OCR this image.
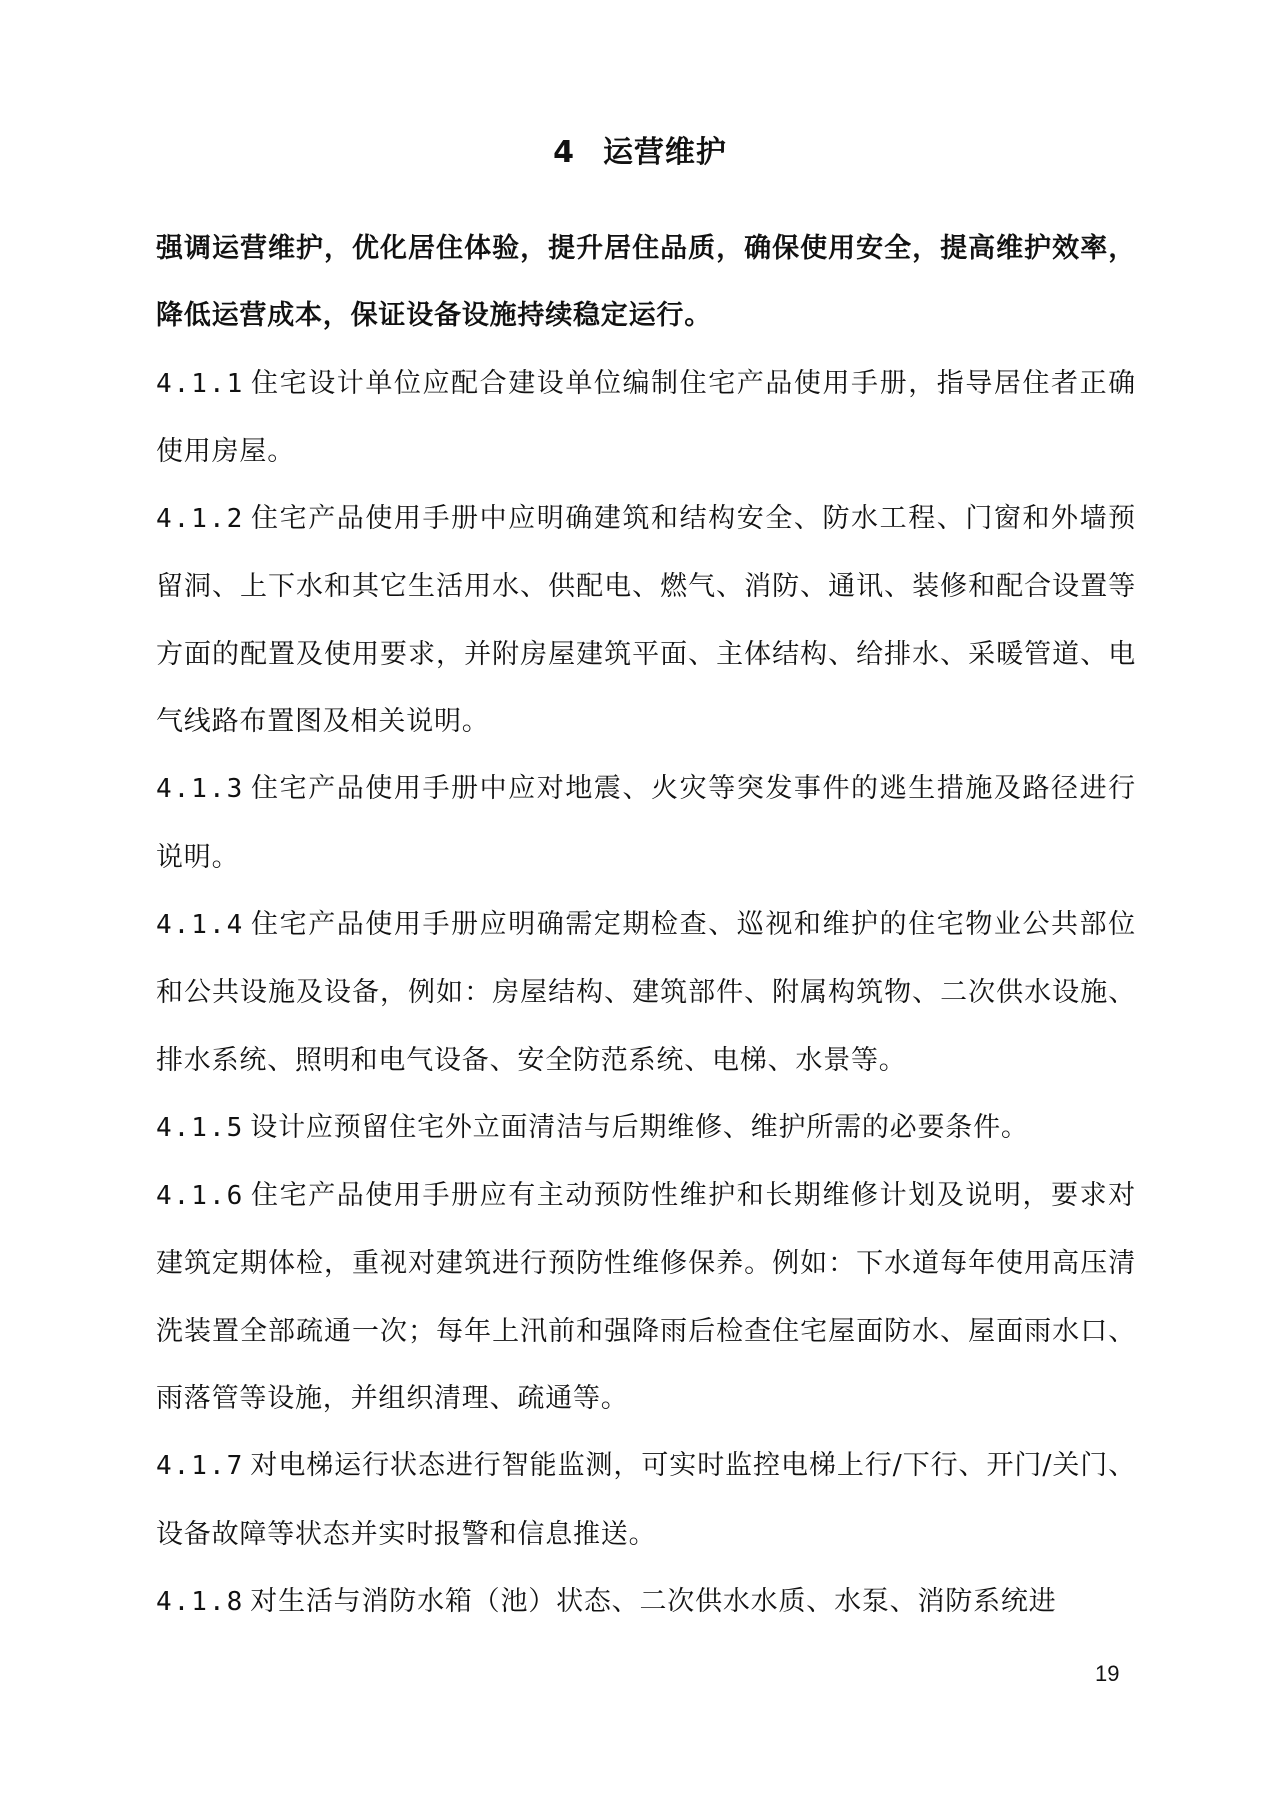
4 运营维护

强调运营维护，优化居住体验，提升居住品质，确保使用安全，提高维护效率，降低运营成本，保证设备设施持续稳定运行。

4.1.1 住宅设计单位应配合建设单位编制住宅产品使用手册，指导居住者正确使用房屋。

4.1.2 住宅产品使用手册中应明确建筑和结构安全、防水工程、门窗和外墙预留洞、上下水和其它生活用水、供配电、燃气、消防、通讯、装修和配合设置等方面的配置及使用要求，并附房屋建筑平面、主体结构、给排水、采暖管道、电气线路布置图及相关说明。

4.1.3 住宅产品使用手册中应对地震、火灾等突发事件的逃生措施及路径进行说明。

4.1.4 住宅产品使用手册应明确需定期检查、巡视和维护的住宅物业公共部位和公共设施及设备，例如：房屋结构、建筑部件、附属构筑物、二次供水设施、排水系统、照明和电气设备、安全防范系统、电梯、水景等。

4.1.5 设计应预留住宅外立面清洁与后期维修、维护所需的必要条件。

4.1.6 住宅产品使用手册应有主动预防性维护和长期维修计划及说明，要求对建筑定期体检，重视对建筑进行预防性维修保养。例如：下水道每年使用高压清洗装置全部疏通一次；每年上汛前和强降雨后检查住宅屋面防水、屋面雨水口、雨落管等设施，并组织清理、疏通等。

4.1.7 对电梯运行状态进行智能监测，可实时监控电梯上行/下行、开门/关门、设备故障等状态并实时报警和信息推送。

4.1.8 对生活与消防水箱（池）状态、二次供水水质、水泵、消防系统进

19
